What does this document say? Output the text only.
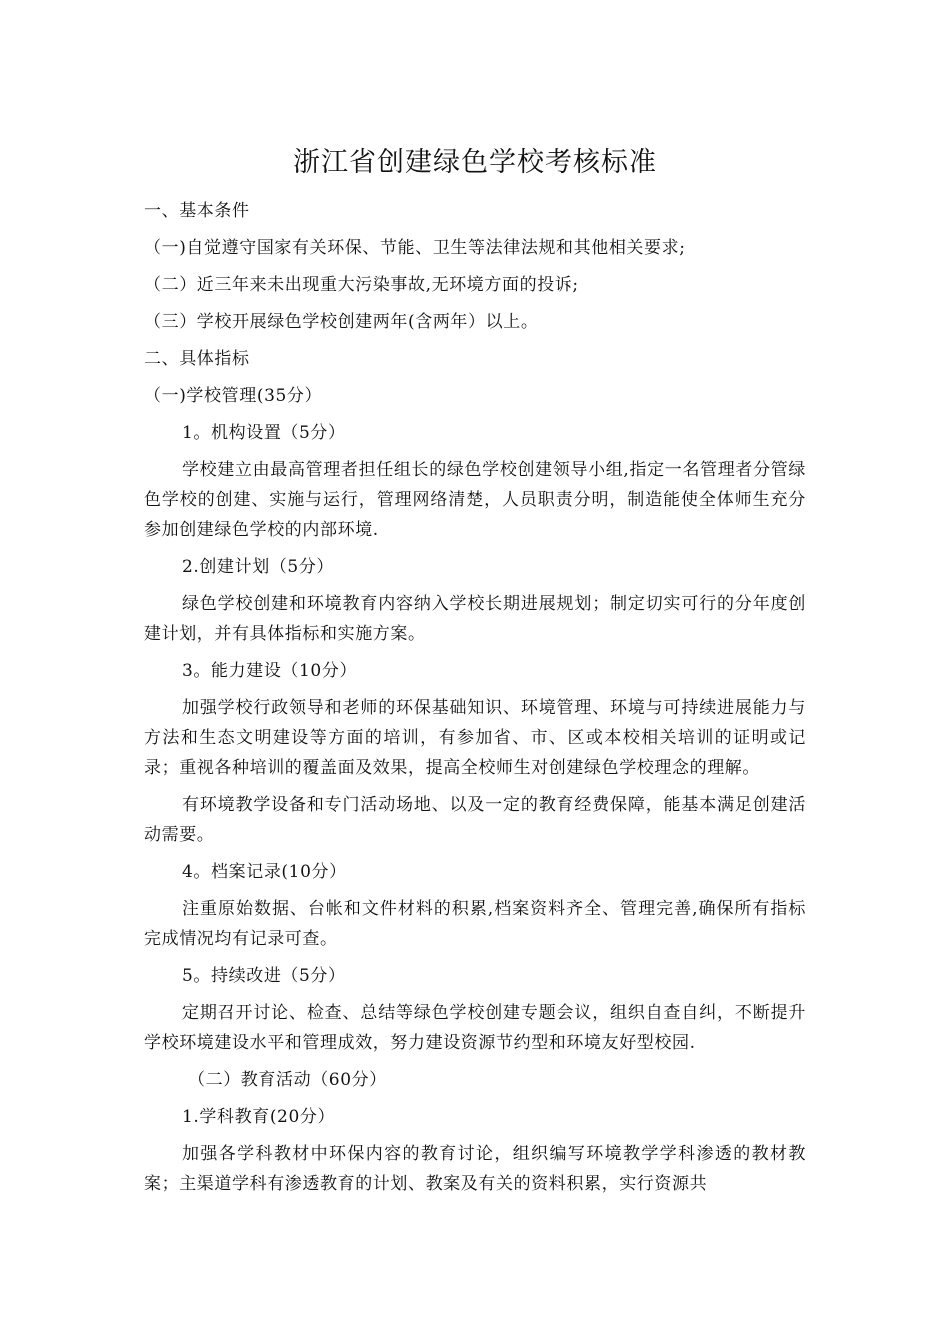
浙江省创建绿色学校考核标准

一、基本条件

（一)自觉遵守国家有关环保、节能、卫生等法律法规和其他相关要求;

（二）近三年来未出现重大污染事故,无环境方面的投诉;

（三）学校开展绿色学校创建两年(含两年）以上。

二、具体指标

（一)学校管理(35分）

1。机构设置（5分）

学校建立由最高管理者担任组长的绿色学校创建领导小组,指定一名管理者分管绿色学校的创建、实施与运行，管理网络清楚，人员职责分明，制造能使全体师生充分参加创建绿色学校的内部环境.

2.创建计划（5分）

绿色学校创建和环境教育内容纳入学校长期进展规划；制定切实可行的分年度创建计划，并有具体指标和实施方案。

3。能力建设（10分）

加强学校行政领导和老师的环保基础知识、环境管理、环境与可持续进展能力与方法和生态文明建设等方面的培训，有参加省、市、区或本校相关培训的证明或记录；重视各种培训的覆盖面及效果，提高全校师生对创建绿色学校理念的理解。

有环境教学设备和专门活动场地、以及一定的教育经费保障，能基本满足创建活动需要。

4。档案记录(10分）

注重原始数据、台帐和文件材料的积累,档案资料齐全、管理完善,确保所有指标完成情况均有记录可查。

5。持续改进（5分）

定期召开讨论、检查、总结等绿色学校创建专题会议，组织自查自纠，不断提升学校环境建设水平和管理成效，努力建设资源节约型和环境友好型校园.

（二）教育活动（60分）

1.学科教育(20分）

加强各学科教材中环保内容的教育讨论，组织编写环境教学学科渗透的教材教案；主渠道学科有渗透教育的计划、教案及有关的资料积累，实行资源共
